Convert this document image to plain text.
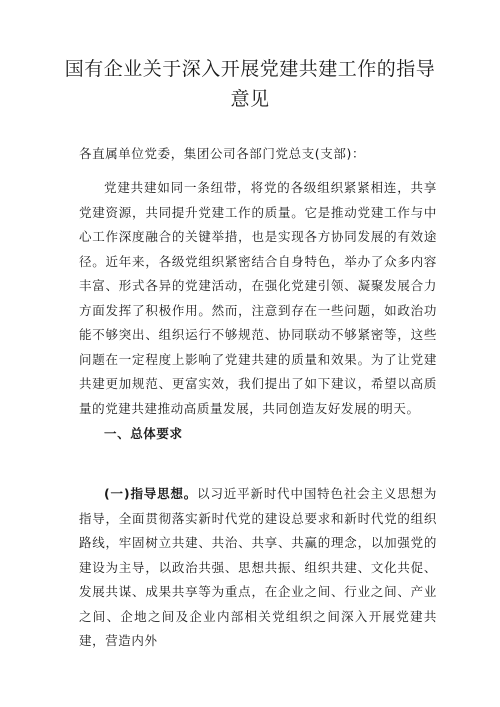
国有企业关于深入开展党建共建工作的指导意见
各直属单位党委，集团公司各部门党总支(支部)：
党建共建如同一条纽带，将党的各级组织紧紧相连，共享党建资源，共同提升党建工作的质量。它是推动党建工作与中心工作深度融合的关键举措，也是实现各方协同发展的有效途径。近年来，各级党组织紧密结合自身特色，举办了众多内容丰富、形式各异的党建活动，在强化党建引领、凝聚发展合力方面发挥了积极作用。然而，注意到存在一些问题，如政治功能不够突出、组织运行不够规范、协同联动不够紧密等，这些问题在一定程度上影响了党建共建的质量和效果。为了让党建共建更加规范、更富实效，我们提出了如下建议，希望以高质量的党建共建推动高质量发展，共同创造友好发展的明天。
一、总体要求
(一)指导思想。以习近平新时代中国特色社会主义思想为指导，全面贯彻落实新时代党的建设总要求和新时代党的组织路线，牢固树立共建、共治、共享、共赢的理念，以加强党的建设为主导，以政治共强、思想共振、组织共建、文化共促、发展共谋、成果共享等为重点，在企业之间、行业之间、产业之间、企地之间及企业内部相关党组织之间深入开展党建共建，营造内外
